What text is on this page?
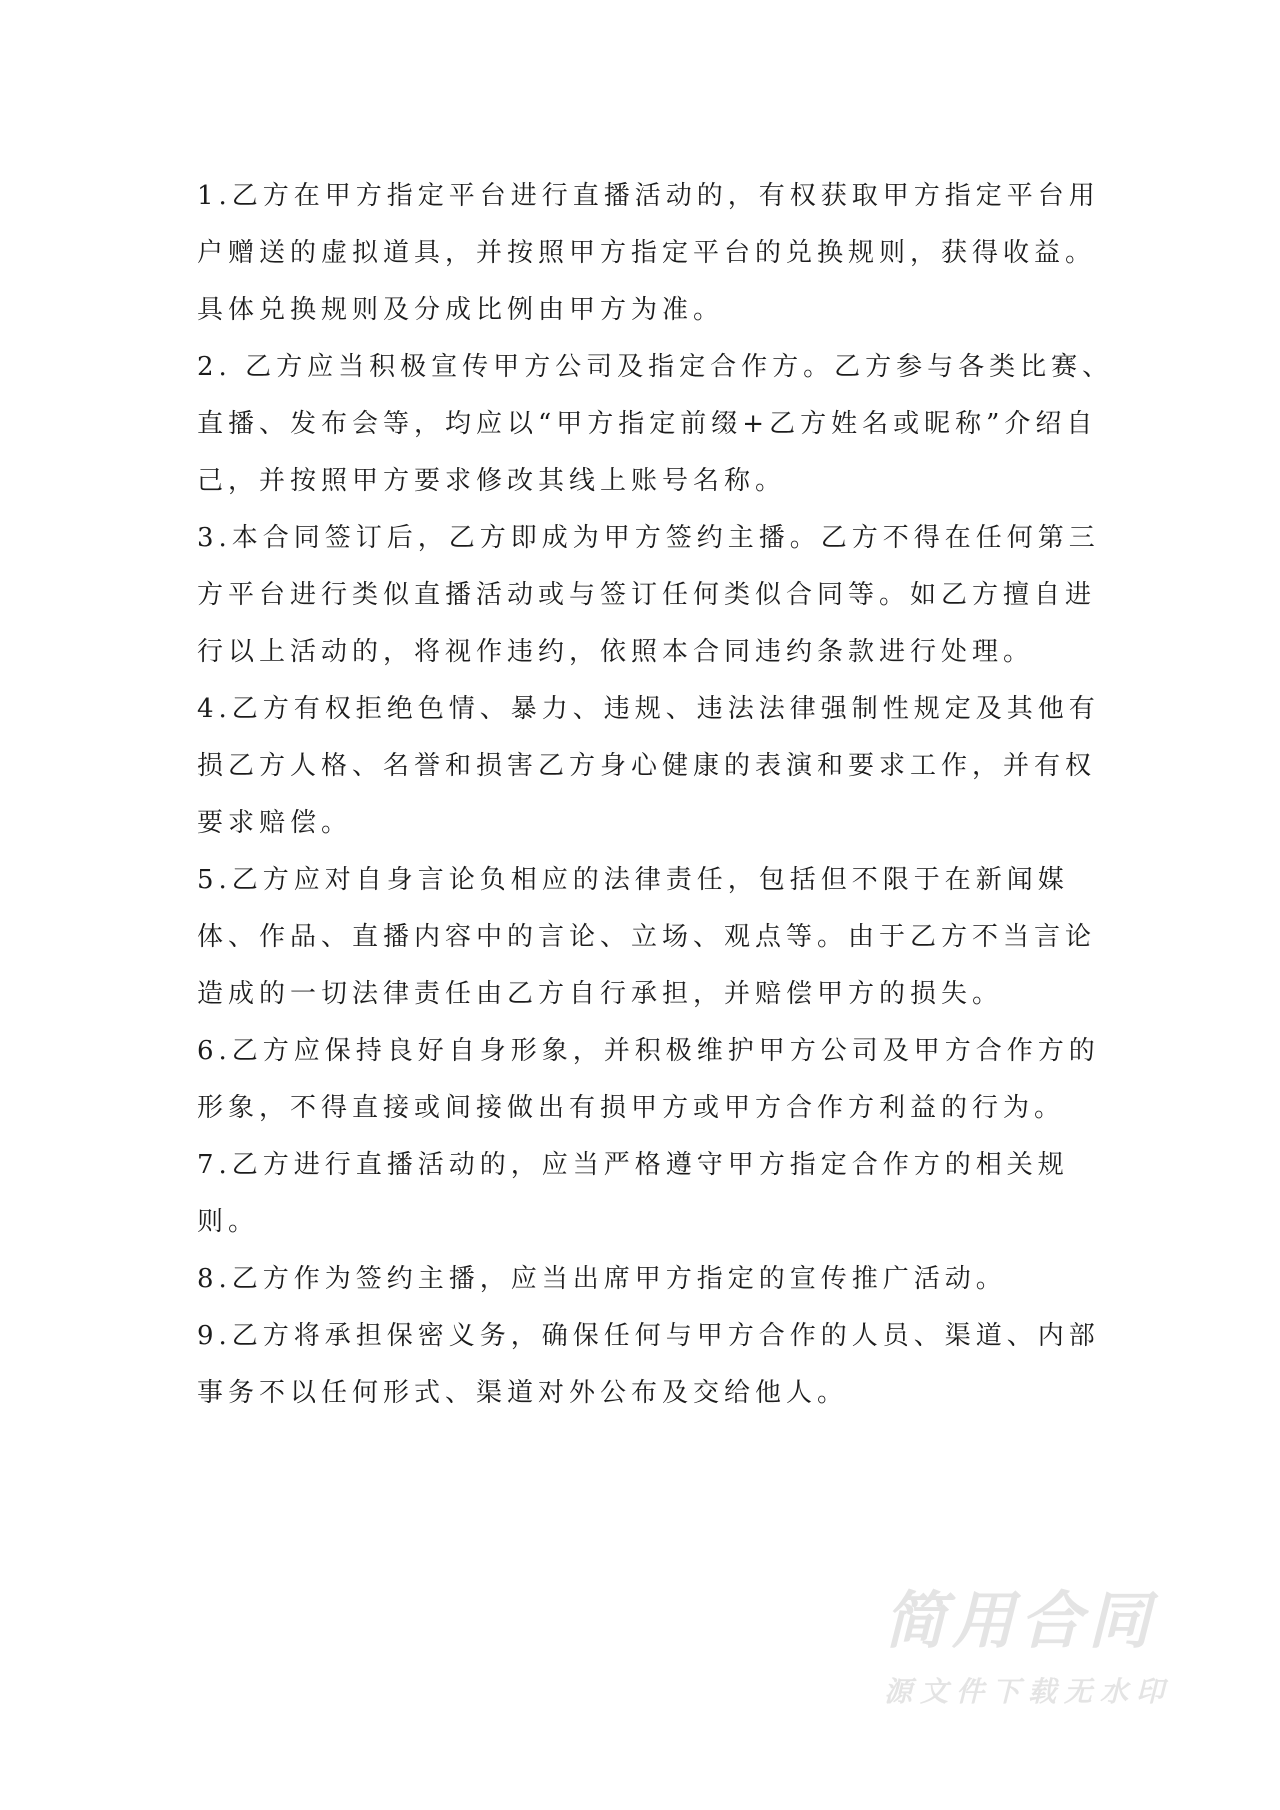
1.乙方在甲方指定平台进行直播活动的，有权获取甲方指定平台用
户赠送的虚拟道具，并按照甲方指定平台的兑换规则，获得收益。
具体兑换规则及分成比例由甲方为准。
2. 乙方应当积极宣传甲方公司及指定合作方。乙方参与各类比赛、
直播、发布会等，均应以“甲方指定前缀+乙方姓名或昵称”介绍自
己，并按照甲方要求修改其线上账号名称。
3.本合同签订后，乙方即成为甲方签约主播。乙方不得在任何第三
方平台进行类似直播活动或与签订任何类似合同等。如乙方擅自进
行以上活动的，将视作违约，依照本合同违约条款进行处理。
4.乙方有权拒绝色情、暴力、违规、违法法律强制性规定及其他有
损乙方人格、名誉和损害乙方身心健康的表演和要求工作，并有权
要求赔偿。
5.乙方应对自身言论负相应的法律责任，包括但不限于在新闻媒
体、作品、直播内容中的言论、立场、观点等。由于乙方不当言论
造成的一切法律责任由乙方自行承担，并赔偿甲方的损失。
6.乙方应保持良好自身形象，并积极维护甲方公司及甲方合作方的
形象，不得直接或间接做出有损甲方或甲方合作方利益的行为。
7.乙方进行直播活动的，应当严格遵守甲方指定合作方的相关规
则。
8.乙方作为签约主播，应当出席甲方指定的宣传推广活动。
9.乙方将承担保密义务，确保任何与甲方合作的人员、渠道、内部
事务不以任何形式、渠道对外公布及交给他人。
简用合同
源文件下载无水印
